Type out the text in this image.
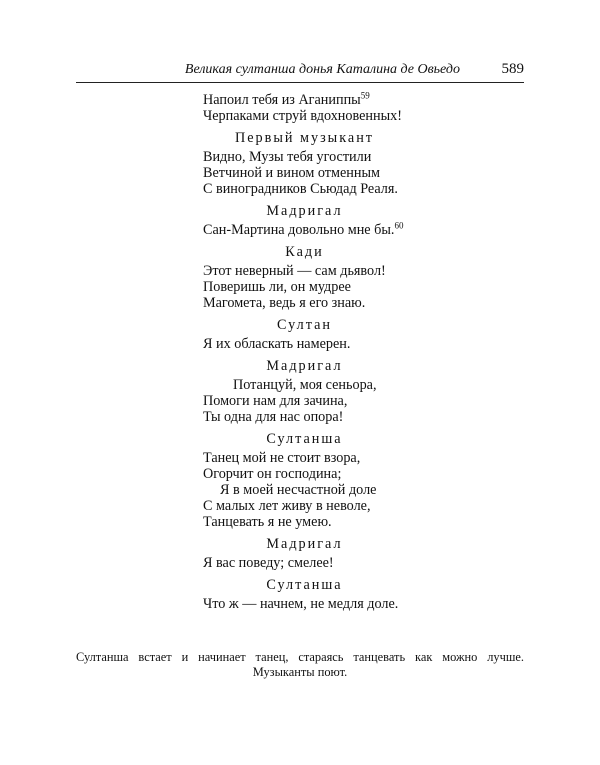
Великая султанша донья Каталина де Овьедо	589
Напоил тебя из Аганиппы$^{59}$
Черпаками струй вдохновенных!
Первый музыкант
Видно, Музы тебя угостили
Ветчиной и вином отменным
С виноградников Сьюдад Реаля.
Мадригал
Сан-Мартина довольно мне бы.$^{60}$
Кади
Этот неверный — сам дьявол!
Поверишь ли, он мудрее
Магомета, ведь я его знаю.
Султан
Я их обласкать намерен.
Мадригал
Потанцуй, моя сеньора,
Помоги нам для зачина,
Ты одна для нас опора!
Султанша
Танец мой не стоит взора,
Огорчит он господина;
Я в моей несчастной доле
С малых лет живу в неволе,
Танцевать я не умею.
Мадригал
Я вас поведу; смелее!
Султанша
Что ж — начнем, не медля доле.
Султанша встает и начинает танец, стараясь танцевать как можно лучше. Музыканты поют.
